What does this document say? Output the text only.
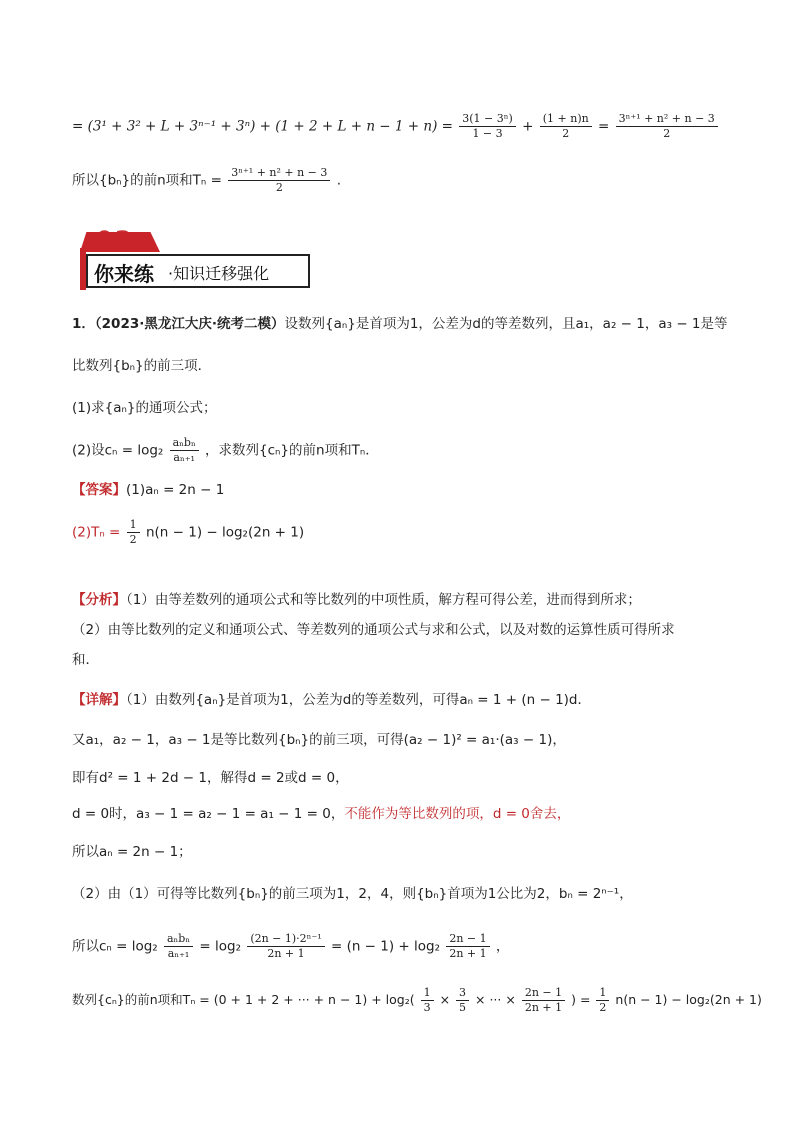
= $(3^1 + 3^2 + L + 3^{n-1} + 3^n) + (1 + 2 + L + n - 1 + n) = \frac{\text{3(1 − 3ⁿ)}}{1 - 3} + \frac{(1 + n)n}{2} = \frac{\text{3ⁿ⁺¹ + n² + n − 3}}{2}$
所以{bₙ}的前n项和$T_n = \frac{\text{3ⁿ⁺¹ + n² + n − 3}}{2}$ .
03
你来练 ·知识迁移强化
1．（2023·黑龙江大庆·统考二模）设数列{aₙ}是首项为1，公差为d的等差数列，且a₁，a₂ − 1，a₃ − 1是等
比数列{bₙ}的前三项．
(1)求{aₙ}的通项公式；
(2)设$c_n = \log_2 \frac{\text{aₙbₙ}}{\text{aₙ₊₁}}$ ，求数列{cₙ}的前n项和Tₙ．
【答案】(1)aₙ = 2n − 1
$(2)T_n = \frac{1}{2} n(n - 1) - \log_2(2n + 1)$
【分析】（1）由等差数列的通项公式和等比数列的中项性质，解方程可得公差，进而得到所求；
（2）由等比数列的定义和通项公式、等差数列的通项公式与求和公式，以及对数的运算性质可得所求
和．
【详解】（1）由数列{aₙ}是首项为1，公差为d的等差数列，可得aₙ = 1 + (n − 1)d．
又a₁，a₂ − 1，a₃ − 1是等比数列{bₙ}的前三项，可得(a₂ − 1)² = a₁·(a₃ − 1)，
即有d² = 1 + 2d − 1，解得d = 2或d = 0，
d = 0时，a₃ − 1 = a₂ − 1 = a₁ − 1 = 0，不能作为等比数列的项，d = 0舍去，
所以aₙ = 2n − 1；
（2）由（1）可得等比数列{bₙ}的前三项为1，2，4，则{bₙ}首项为1公比为2，bₙ = 2ⁿ⁻¹，
所以$c_n = \log_2 \frac{\text{aₙbₙ}}{\text{aₙ₊₁}} = \log_2 \frac{\text{(2n − 1)·2ⁿ⁻¹}}{2n + 1} = (n - 1) + \log_2 \frac{2n - 1}{2n + 1}$ ，
数列{cₙ}的前n项和Tₙ = (0 + 1 + 2 + ··· + $n - 1) + \log_2( \frac{1}{3} \times \frac{3}{5}$ × ··· × $\frac{2n - 1}{2n + 1}$ ) = $\frac{1}{2} n(n - 1) - \log_2(2n + 1)$
